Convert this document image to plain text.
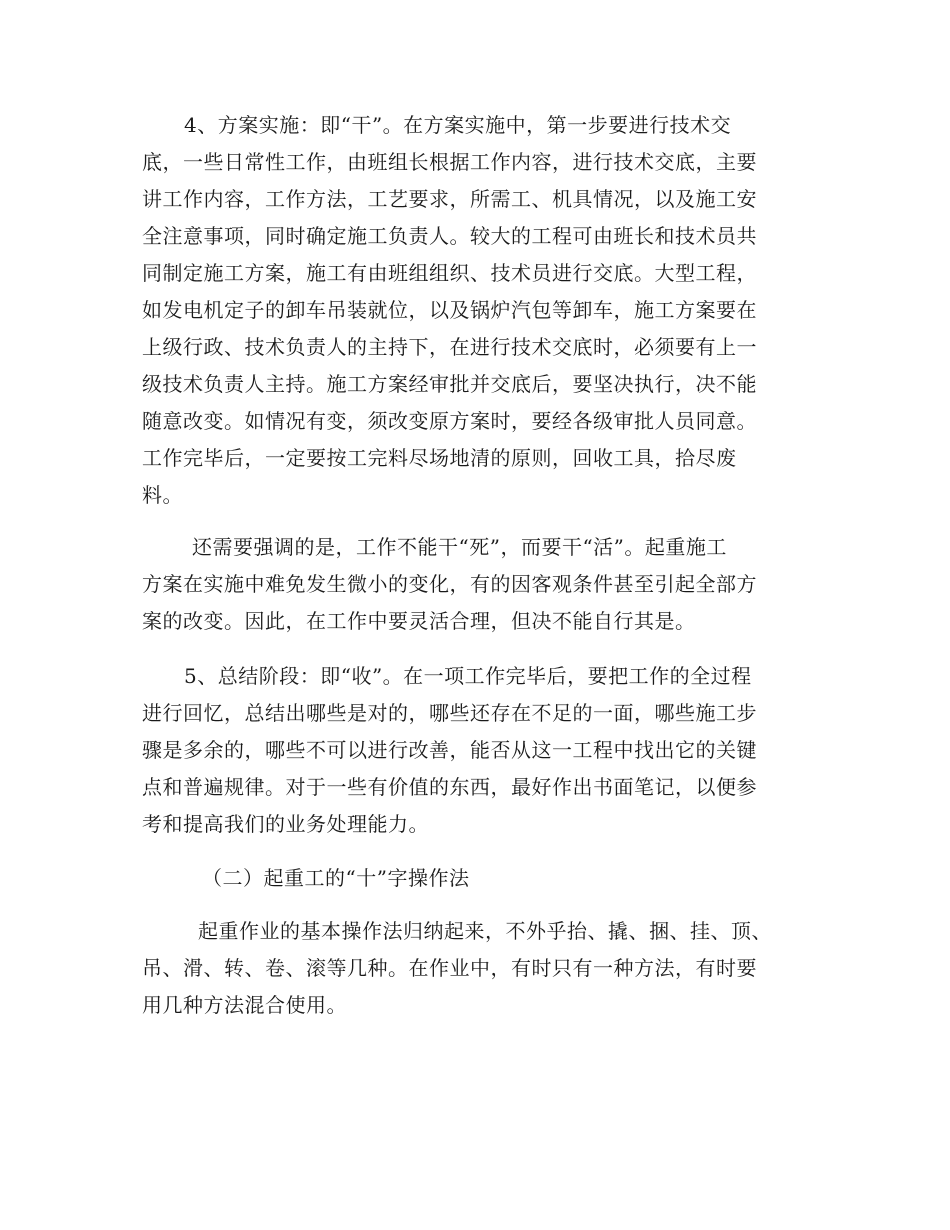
4、方案实施：即“干”。在方案实施中，第一步要进行技术交
底，一些日常性工作，由班组长根据工作内容，进行技术交底，主要
讲工作内容，工作方法，工艺要求，所需工、机具情况，以及施工安
全注意事项，同时确定施工负责人。较大的工程可由班长和技术员共
同制定施工方案，施工有由班组组织、技术员进行交底。大型工程，
如发电机定子的卸车吊装就位，以及锅炉汽包等卸车，施工方案要在
上级行政、技术负责人的主持下，在进行技术交底时，必须要有上一
级技术负责人主持。施工方案经审批并交底后，要坚决执行，决不能
随意改变。如情况有变，须改变原方案时，要经各级审批人员同意。
工作完毕后，一定要按工完料尽场地清的原则，回收工具，拾尽废
料。
还需要强调的是，工作不能干“死”，而要干“活”。起重施工
方案在实施中难免发生微小的变化，有的因客观条件甚至引起全部方
案的改变。因此，在工作中要灵活合理，但决不能自行其是。
5、总结阶段：即“收”。在一项工作完毕后，要把工作的全过程
进行回忆，总结出哪些是对的，哪些还存在不足的一面，哪些施工步
骤是多余的，哪些不可以进行改善，能否从这一工程中找出它的关键
点和普遍规律。对于一些有价值的东西，最好作出书面笔记，以便参
考和提高我们的业务处理能力。
（二）起重工的“十”字操作法
起重作业的基本操作法归纳起来，不外乎抬、撬、捆、挂、顶、
吊、滑、转、卷、滚等几种。在作业中，有时只有一种方法，有时要
用几种方法混合使用。
